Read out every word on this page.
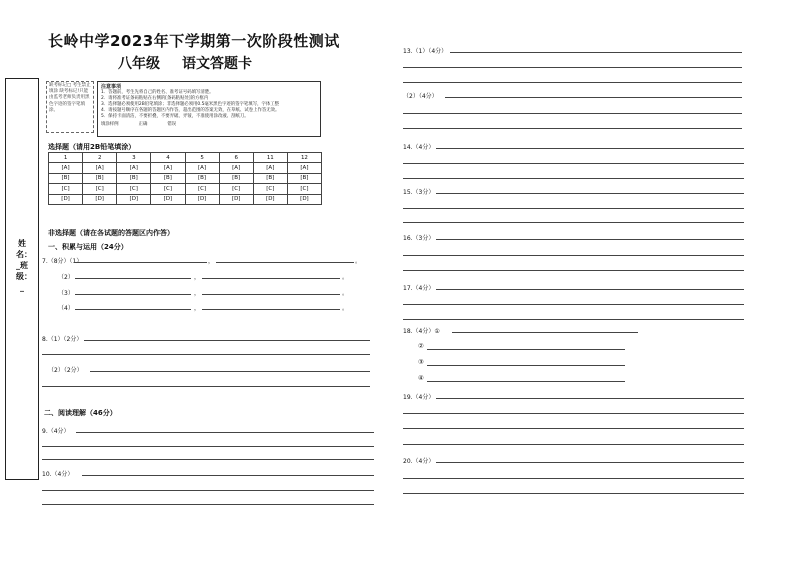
长岭中学2023年下学期第一次阶段性测试
八年级 语文答题卡
姓名：_班级：_
缺考标记□ 考生禁止填涂 缺考标记!只能由监考老师负责用黑色字迹的签字笔填涂。
注意事项
1．答题前，考生先将自己的姓名、准考证号码填写清楚。
2．请将准考证条码粘贴在右侧的[条码粘贴处]的方框内
3．选择题必须使用2B铅笔填涂；非选择题必须用0.5毫米黑色字迹的签字笔填写，字体工整
4．请按题号顺序在各题的答题区内作答，超出范围的答案无效，在草纸、试卷上作答无效。
5．保持卡面清洁，不要折叠，不要弄破、弄皱，不准使用涂改液、刮纸刀。
填涂样例	正确	错误
选择题（请用2B铅笔填涂）
1	2	3	4	5	6	11	12
[A]	[A]	[A]	[A]	[A]	[A]	[A]	[A]
[B]	[B]	[B]	[B]	[B]	[B]	[B]	[B]
[C]	[C]	[C]	[C]	[C]	[C]	[C]	[C]
[D]	[D]	[D]	[D]	[D]	[D]	[D]	[D]
非选择题（请在各试题的答题区内作答）
一、积累与运用（24分）
7.（8分）（1）	，	。
（2）	，	。
（3）	，	。
（4）	，	。
8.（1）（2分）
（2）（2分）
二、阅读理解（46分）
9.（4分）
10.（4分）
13.（1）（4分）
（2）（4分）
14.（4分）
15.（3分）
16.（3分）
17.（4分）
18.（4分）①
②
③
④
19.（4分）
20.（4分）
